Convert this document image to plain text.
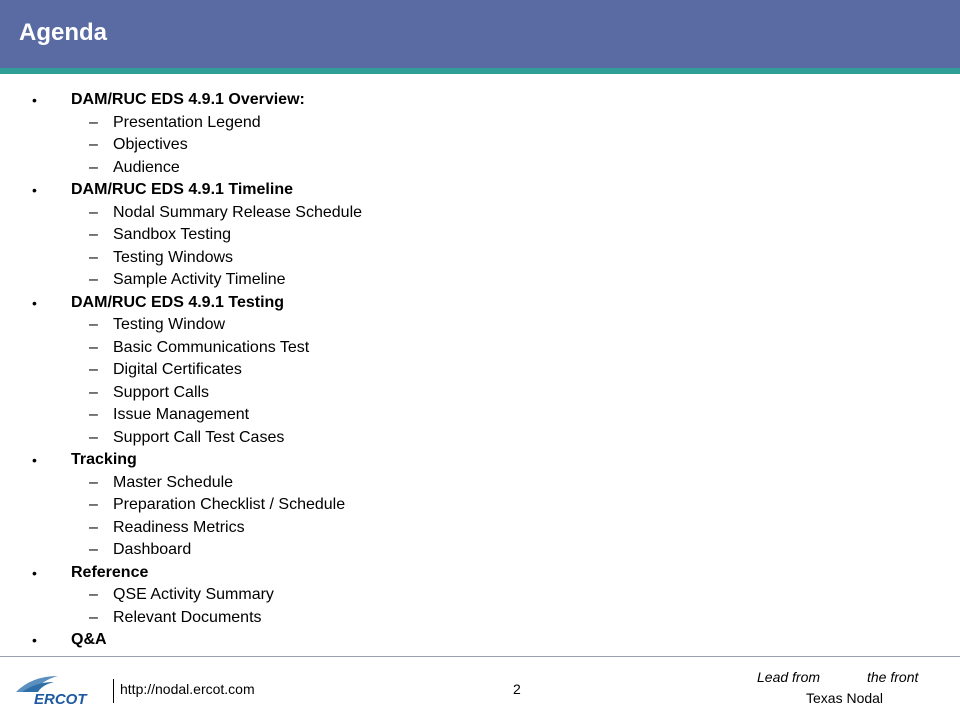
Agenda
• DAM/RUC EDS 4.9.1 Overview:
– Presentation Legend
– Objectives
– Audience
• DAM/RUC EDS 4.9.1 Timeline
– Nodal Summary Release Schedule
– Sandbox Testing
– Testing Windows
– Sample Activity Timeline
• DAM/RUC EDS 4.9.1 Testing
– Testing Window
– Basic Communications Test
– Digital Certificates
– Support Calls
– Issue Management
– Support Call Test Cases
• Tracking
– Master Schedule
– Preparation Checklist / Schedule
– Readiness Metrics
– Dashboard
• Reference
– QSE Activity Summary
– Relevant Documents
• Q&A
ERCOT
http://nodal.ercot.com	2
Lead from	the front
Texas Nodal
